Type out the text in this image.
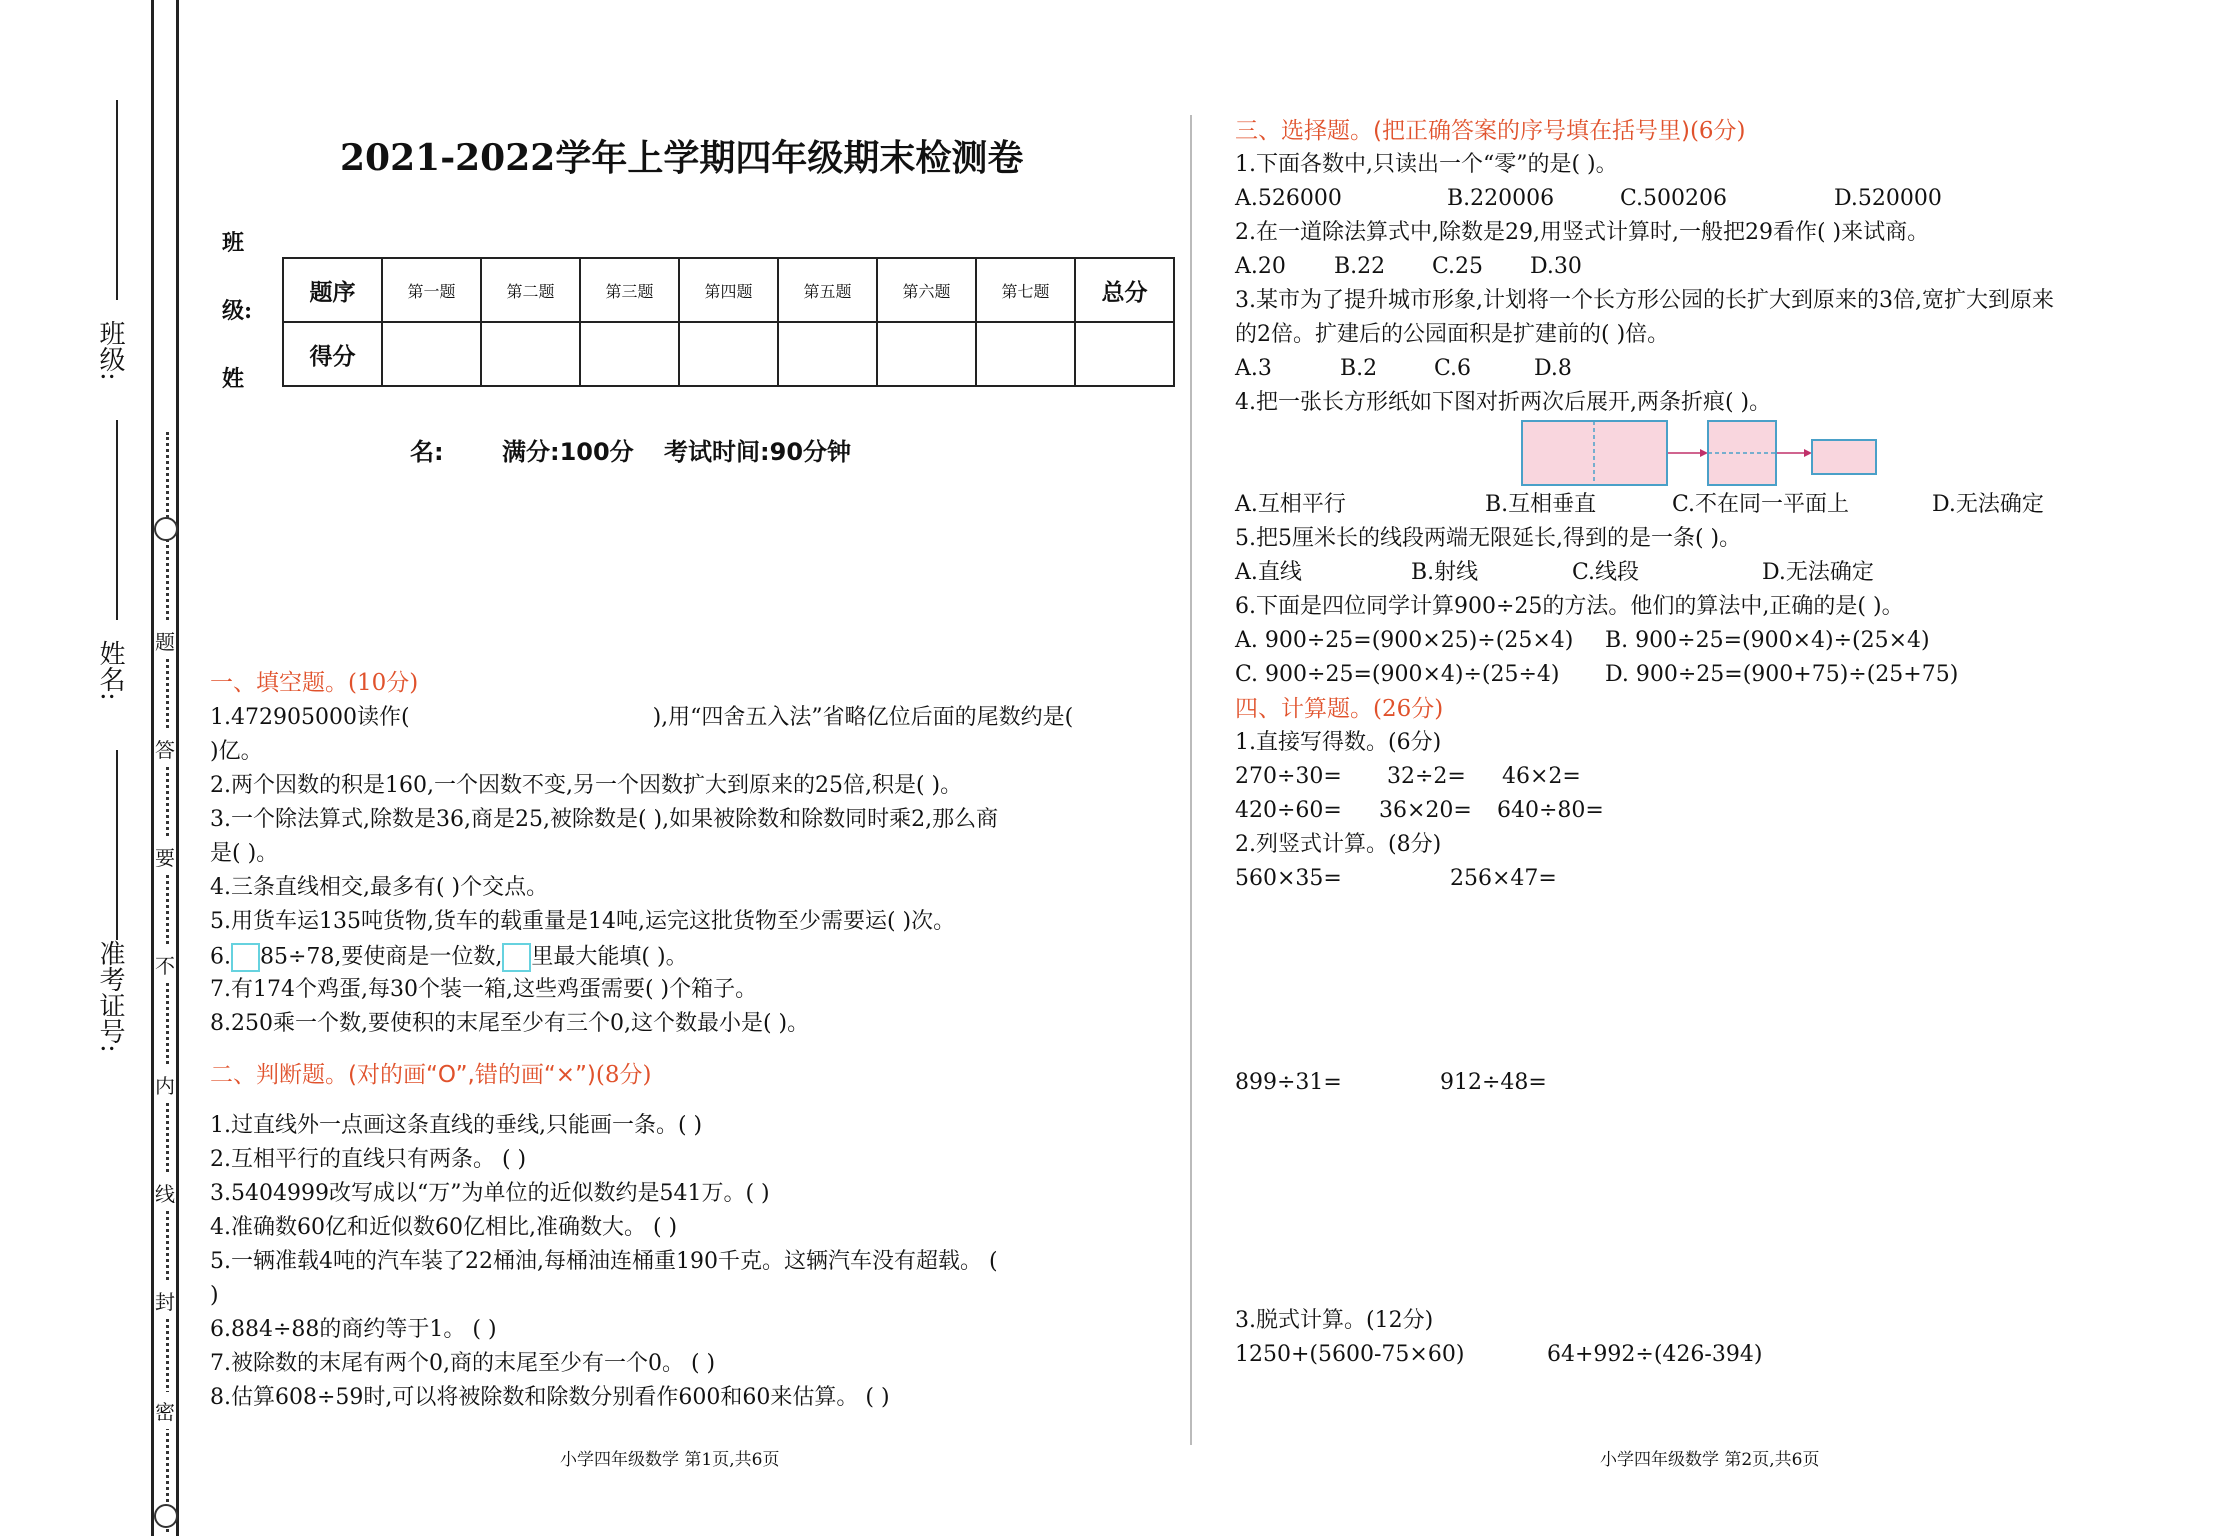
班级:
姓名:
准考证号:
题
答
要
不
内
线
封
密
2021-2022学年上学期四年级期末检测卷
班
级:
姓
题序	第一题	第二题	第三题	第四题	第五题	第六题	第七题	总分
得分								
名: 满分:100分 考试时间:90分钟
一、填空题。(10分)
1.472905000读作(	),用“四舍五入法”省略亿位后面的尾数约是(
)亿。
2.两个因数的积是160,一个因数不变,另一个因数扩大到原来的25倍,积是( )。
3.一个除法算式,除数是36,商是25,被除数是( ),如果被除数和除数同时乘2,那么商
是( )。
4.三条直线相交,最多有( )个交点。
5.用货车运135吨货物,货车的载重量是14吨,运完这批货物至少需要运( )次。
6. 85÷78,要使商是一位数, 里最大能填( )。
7.有174个鸡蛋,每30个装一箱,这些鸡蛋需要( )个箱子。
8.250乘一个数,要使积的末尾至少有三个0,这个数最小是( )。
二、判断题。(对的画“O”,错的画“×”)(8分)
1.过直线外一点画这条直线的垂线,只能画一条。( )
2.互相平行的直线只有两条。 ( )
3.5404999改写成以“万”为单位的近似数约是541万。( )
4.准确数60亿和近似数60亿相比,准确数大。 ( )
5.一辆准载4吨的汽车装了22桶油,每桶油连桶重190千克。这辆汽车没有超载。 (
)
6.884÷88的商约等于1。 ( )
7.被除数的末尾有两个0,商的末尾至少有一个0。 ( )
8.估算608÷59时,可以将被除数和除数分别看作600和60来估算。 ( )
小学四年级数学 第1页,共6页
三、选择题。(把正确答案的序号填在括号里)(6分)
1.下面各数中,只读出一个“零”的是( )。
A.526000	B.220006	C.500206	D.520000
2.在一道除法算式中,除数是29,用竖式计算时,一般把29看作( )来试商。
A.20 B.22 C.25 D.30
3.某市为了提升城市形象,计划将一个长方形公园的长扩大到原来的3倍,宽扩大到原来
的2倍。扩建后的公园面积是扩建前的( )倍。
A.3	B.2	C.6	D.8
4.把一张长方形纸如下图对折两次后展开,两条折痕( )。
A.互相平行	B.互相垂直	C.不在同一平面上	D.无法确定
5.把5厘米长的线段两端无限延长,得到的是一条( )。
A.直线	B.射线	C.线段	D.无法确定
6.下面是四位同学计算900÷25的方法。他们的算法中,正确的是( )。
A. 900÷25=(900×25)÷(25×4) B. 900÷25=(900×4)÷(25×4)
C. 900÷25=(900×4)÷(25÷4) D. 900÷25=(900+75)÷(25+75)
四、计算题。(26分)
1.直接写得数。(6分)
270÷30= 32÷2= 46×2=
420÷60= 36×20= 640÷80=
2.列竖式计算。(8分)
560×35=	256×47=
899÷31=	912÷48=
3.脱式计算。(12分)
1250+(5600-75×60)	64+992÷(426-394)
小学四年级数学 第2页,共6页
